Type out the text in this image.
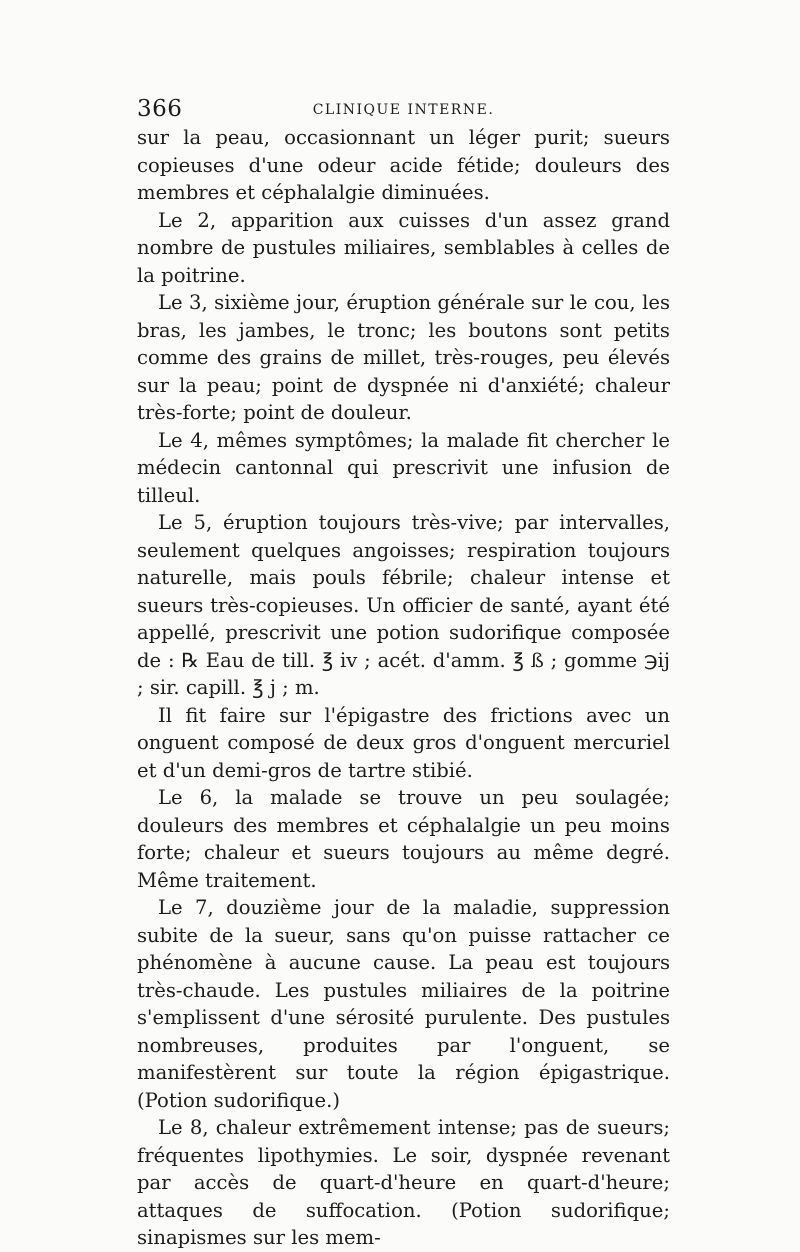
366	CLINIQUE INTERNE.

sur la peau, occasionnant un léger purit; sueurs copieuses d'une odeur acide fétide; douleurs des membres et céphalalgie diminuées.

Le 2, apparition aux cuisses d'un assez grand nombre de pustules miliaires, semblables à celles de la poitrine.

Le 3, sixième jour, éruption générale sur le cou, les bras, les jambes, le tronc; les boutons sont petits comme des grains de millet, très-rouges, peu élevés sur la peau; point de dyspnée ni d'anxiété; chaleur très-forte; point de douleur.

Le 4, mêmes symptômes; la malade fit chercher le médecin cantonnal qui prescrivit une infusion de tilleul.

Le 5, éruption toujours très-vive; par intervalles, seulement quelques angoisses; respiration toujours naturelle, mais pouls fébrile; chaleur intense et sueurs très-copieuses. Un officier de santé, ayant été appellé, prescrivit une potion sudorifique composée de : ℞ Eau de till. ℥ iv ; acét. d'amm. ℥ ß ; gomme ℈ij ; sir. capill. ℥ j ; m.

Il fit faire sur l'épigastre des frictions avec un onguent composé de deux gros d'onguent mercuriel et d'un demi-gros de tartre stibié.

Le 6, la malade se trouve un peu soulagée; douleurs des membres et céphalalgie un peu moins forte; chaleur et sueurs toujours au même degré. Même traitement.

Le 7, douzième jour de la maladie, suppression subite de la sueur, sans qu'on puisse rattacher ce phénomène à aucune cause. La peau est toujours très-chaude. Les pustules miliaires de la poitrine s'emplissent d'une sérosité purulente. Des pustules nombreuses, produites par l'onguent, se manifestèrent sur toute la région épigastrique. (Potion sudorifique.)

Le 8, chaleur extrêmement intense; pas de sueurs; fréquentes lipothymies. Le soir, dyspnée revenant par accès de quart-d'heure en quart-d'heure; attaques de suffocation. (Potion sudorifique; sinapismes sur les mem-
